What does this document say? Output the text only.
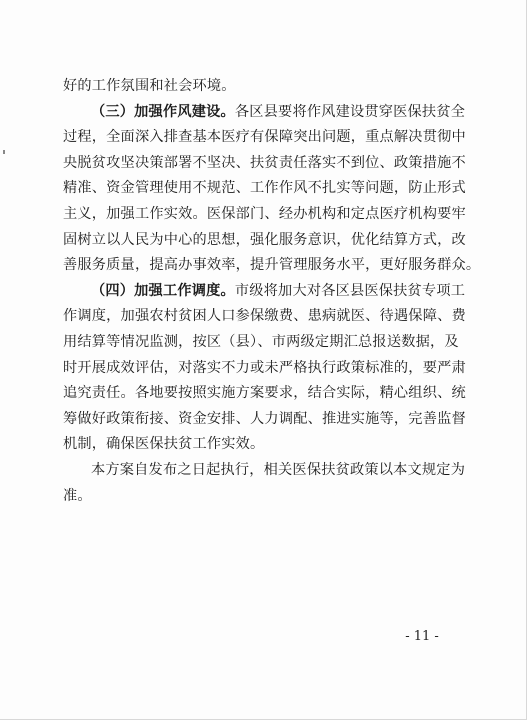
好的工作氛围和社会环境。
（三）加强作风建设。各区县要将作风建设贯穿医保扶贫全
过程，全面深入排查基本医疗有保障突出问题，重点解决贯彻中
央脱贫攻坚决策部署不坚决、扶贫责任落实不到位、政策措施不
精准、资金管理使用不规范、工作作风不扎实等问题，防止形式
主义，加强工作实效。医保部门、经办机构和定点医疗机构要牢
固树立以人民为中心的思想，强化服务意识，优化结算方式，改
善服务质量，提高办事效率，提升管理服务水平，更好服务群众。
（四）加强工作调度。市级将加大对各区县医保扶贫专项工
作调度，加强农村贫困人口参保缴费、患病就医、待遇保障、费
用结算等情况监测，按区（县）、市两级定期汇总报送数据，及
时开展成效评估，对落实不力或未严格执行政策标准的，要严肃
追究责任。各地要按照实施方案要求，结合实际，精心组织、统
筹做好政策衔接、资金安排、人力调配、推进实施等，完善监督
机制，确保医保扶贫工作实效。
本方案自发布之日起执行，相关医保扶贫政策以本文规定为
准。
- 11 -
